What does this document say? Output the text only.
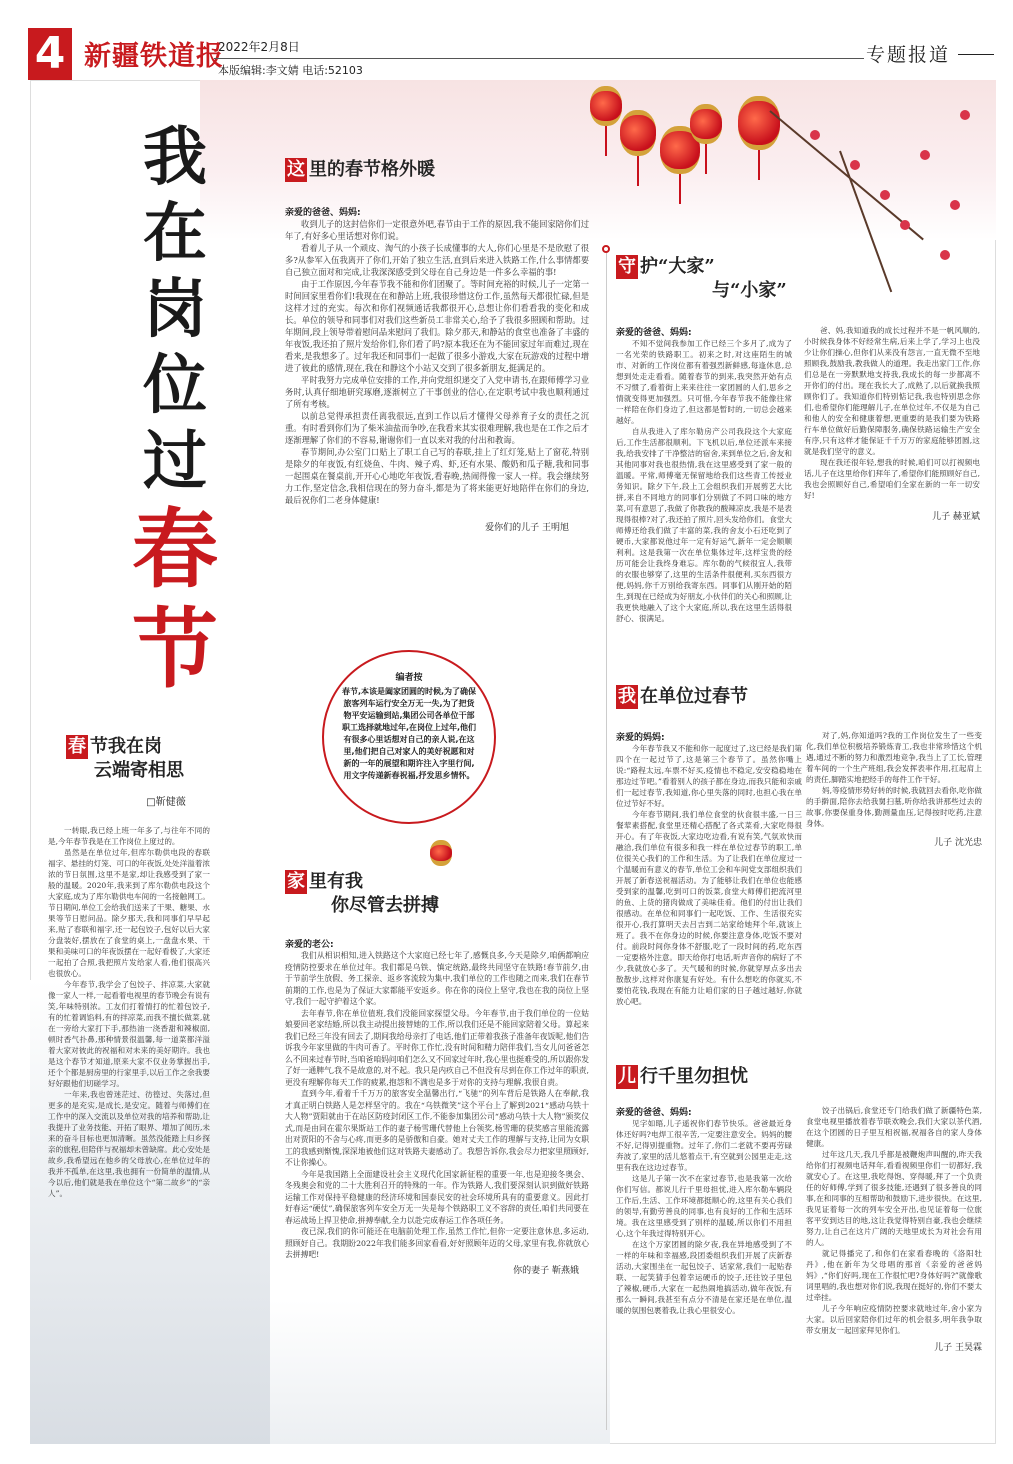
4 新疆铁道报
2022年2月8日
本版编辑:李文婧 电话:52103
专题报道
我
在
岗
位
过
春
节
这 里的春节格外暖
亲爱的爸爸、妈妈:

收到儿子的这封信你们一定很意外吧,春节由于工作的原因,我不能回家陪你们过年了,有好多心里话想对你们说。

看着儿子从一个顽皮、淘气的小孩子长成懂事的大人,你们心里是不是欣慰了很多?从参军入伍我离开了你们,开始了独立生活,直到后来进入铁路工作,什么事情都要自己独立面对和完成,让我深深感受到父母在自己身边是一件多么幸福的事!

由于工作原因,今年春节我不能和你们团聚了。等时间充裕的时候,儿子一定第一时间回家里看你们!我现在在和静站上班,我很珍惜这份工作,虽然每天都很忙碌,但是这样才过的充实。每次和你们视频通话我都很开心,总想让你们看看我的变化和成长。单位的领导和同事们对我们这些新员工非常关心,给予了我很多照顾和帮助。过年期间,段上领导带着慰问品来慰问了我们。除夕那天,和静站的食堂也准备了丰盛的年夜饭,我还拍了照片发给你们,你们看了吗?原本我还在为不能回家过年而难过,现在看来,是我想多了。过年我还和同事们一起做了很多小游戏,大家在玩游戏的过程中增进了彼此的感情,现在,我在和静这个小站又交到了很多新朋友,挺满足的。

平时我努力完成单位安排的工作,并向党组织递交了入党申请书,在跟师傅学习业务时,认真仔细地研究琢磨,逐渐树立了干事创业的信心,在定职考试中我也顺利通过了所有考核。

以前总觉得承担责任离我很远,直到工作以后才懂得父母养育子女的责任之沉重。有时看到你们为了柴米油盐而争吵,在我看来其实很难理解,我也是在工作之后才逐渐理解了你们的不容易,谢谢你们一直以来对我的付出和教诲。

春节期间,办公室门口贴上了职工自己写的春联,挂上了红灯笼,贴上了窗花,特别是除夕的年夜饭,有红烧鱼、牛肉、辣子鸡、虾,还有水果、酸奶和瓜子糖,我和同事一起围桌在餐桌前,开开心心地吃年夜饭,看春晚,热闹得像一家人一样。我会继续努力工作,坚定信念,我相信现在的努力奋斗,都是为了将来能更好地陪伴在你们的身边,最后祝你们二老身体健康!

爱你们的儿子 王明旭
编者按
春节,本该是阖家团圆的时候,为了确保旅客列车运行安全万无一失,为了把货物平安运输到站,集团公司各单位干部职工选择就地过年,在岗位上过年,他们有很多心里话想对自己的亲人说,在这里,他们把自己对家人的美好祝愿和对新的一年的展望和期许注入字里行间,用文字传递新春祝福,抒发思乡情怀。
守 护“大家”
与“小家”
亲爱的爸爸、妈妈:

不知不觉间我参加工作已经三个多月了,成为了一名光荣的铁路职工。初来之时,对这座陌生的城市、对新的工作岗位都有着强烈新鲜感,每逢休息,总想到处走走看看。随着春节的到来,我突然开始有点不习惯了,看着街上来来往往一家团圆的人们,思乡之情就变得更加强烈。只可惜,今年春节我不能像往常一样陪在你们身边了,但这都是暂时的,一切总会越来越好。

自从我进入了库尔勒房产公司我段这个大家庭后,工作生活都很顺利。下飞机以后,单位还派车来接我,给我安排了干净整洁的宿舍,来到单位之后,舍友和其他同事对我也很热情,我在这里感受到了家一般的温暖。平常,师傅毫无保留地给我们这些青工传授业务知识。除夕下午,段上工会组织我们开展剪艺大比拼,来自不同地方的同事们分别做了不同口味的地方菜,可有意思了,我做了你教我的酸辣凉皮,我是不是表现得很棒?对了,我还拍了照片,回头发给你们。食堂大师傅还给我们做了丰富的菜,我的舍友小石还吃到了硬币,大家都说他过年一定有好运气,新年一定会顺顺利利。这是我第一次在单位集体过年,这样宝贵的经历可能会让我终身难忘。库尔勒的气候很宜人,我带的衣服也够穿了,这里的生活条件很便利,买东西很方便,妈妈,你千万别给我寄东西。同事们从刚开始的陌生,到现在已经成为好朋友,小伙伴们的关心和照顾,让我更快地融入了这个大家庭,所以,我在这里生活得很舒心、很满足。

爸、妈,我知道我的成长过程并不是一帆风顺的,小时候我身体不好经常生病,后来上学了,学习上也没少让你们操心,但你们从来没有怨言,一直无微不至地照顾我,鼓励我,教我做人的道理。我走出家门工作,你们总是在一旁默默地支持我,我成长的每一步都离不开你们的付出。现在我长大了,成熟了,以后就换我照顾你们了。我知道你们特别惦记我,我也特别思念你们,也希望你们能理解儿子,在单位过年,不仅是为自己和他人的安全和健康着想,更重要的是我们要为铁路行车单位做好后勤保障服务,确保铁路运输生产安全有序,只有这样才能保证千千万万的家庭能够团圆,这就是我们坚守的意义。

现在我还很年轻,想我的时候,咱们可以打视频电话,儿子在这里给你们拜年了,希望你们能照顾好自己,我也会照顾好自己,希望咱们全家在新的一年一切安好!

儿子 赫亚斌
春 节我在岗
云端寄相思
□靳健薇

一转眼,我已经上班一年多了,与往年不同的是,今年春节我是在工作岗位上度过的。

虽然是在单位过年,但库尔勒供电段的春联福字、悬挂的灯笼、可口的年夜饭,处处洋溢着浓浓的节日氛围,这里不是家,却让我感受到了家一般的温暖。2020年,我来到了库尔勒供电段这个大家庭,成为了库尔勒供电车间的一名接触网工。节日期间,单位工会给我们送来了干果、糖果、水果等节日慰问品。除夕那天,我和同事们早早起来,贴了春联和福字,还一起包饺子,包好以后大家分盘装好,摆放在了食堂的桌上,一盘盘水果、干果和美味可口的年夜饭摆在一起好看极了,大家还一起拍了合照,我把照片发给家人看,他们很高兴也很放心。

今年春节,我学会了包饺子、拌凉菜,大家就像一家人一样,一起看着电视里的春节晚会有说有笑,年味特别浓。工友们打着情打的忙着包饺子,有的忙着调馅料,有的拌凉菜,而我不擅长做菜,就在一旁给大家打下手,那热油一浇香甜和辣椒面,顿时香气扑鼻,那种情景很温馨,每一道菜都洋溢着大家对彼此的祝福和对未来的美好期许。我也是这个春节才知道,原来大家不仅业务掌握出手,还个个都是厨房里的行家里手,以后工作之余我要好好跟他们切磋学习。

一年来,我也曾迷茫过、彷徨过、失落过,但更多的是充实,是成长,是安定。随着与师傅们在工作中的深入交流以及单位对我的培养和帮助,让我提升了业务技能、开拓了眼界、增加了阅历,未来的奋斗目标也更加清晰。虽然没能踏上归乡探亲的旅程,但陪伴与祝福却未曾缺席。此心安处是故乡,我希望远在他乡的父母放心,在单位过年的我并不孤单,在这里,我也拥有一份简单的温情,从今以后,他们就是我在单位这个“第二故乡”的“亲人”。

我 在单位过春节
亲爱的妈妈:

今年春节我又不能和你一起度过了,这已经是我们第四个在一起过节了,这是第三个春节了。虽然你嘴上说:“路程太远,车票不好买,疫情也不稳定,安安稳稳地在那边过节吧。”看着别人的孩子都在身边,而我只能和亲戚们一起过春节,我知道,你心里失落的同时,也担心我在单位过节好不好。

今年春节期间,我们单位食堂的伙食很丰盛,一日三餐荤素搭配,食堂里还精心搭配了各式菜肴,大家吃得很开心。有了年夜饭,大家边吃边看,有说有笑,气氛欢快而融洽,我们单位有很多和我一样在单位过春节的职工,单位很关心我们的工作和生活。为了让我们在单位度过一个温暖而有意义的春节,单位工会和车间党支部组织我们开展了新春送祝福活动。为了能够让我们在单位也能感受到家的温馨,吃到可口的饭菜,食堂大师傅们把流河里的鱼、上货的猪肉做成了美味佳肴。他们的付出让我们很感动。在单位和同事们一起吃饭、工作、生活很充实很开心,我打算明天去吕吉到二站家给她拜个年,就该上班了。我不在你身边的时候,你要注意身体,吃饭不要对付。前段时间你身体不舒服,吃了一段时间的药,吃东西一定要格外注意。即天给你打电话,听声音你的病好了不少,我就放心多了。天气暖和的时候,你就穿厚点多出去散散步,这样对你康复有好处。有什么想吃的你就买,不要怕花钱,我现在有能力让咱们家的日子越过越好,你就放心吧。

对了,妈,你知道吗?我的工作岗位发生了一些变化,我们单位积极培养锻炼青工,我也非常珍惜这个机遇,通过不断的努力和激烈地竞争,我当上了工长,管理着车间的一个生产班组,我会发挥表率作用,扛起肩上的责任,脚踏实地把经手的每件工作干好。

妈,等疫情形势好转的时候,我就回去看你,吃你做的手擀面,陪你去给我舅扫墓,听你给我讲那些过去的故事,你要保重身体,勤测量血压,记得按时吃药,注意身体。

儿子 沈光忠
家 里有我
你尽管去拼搏
亲爱的老公:

我们从相识相知,进入铁路这个大家庭已经七年了,感慨良多,今天是除夕,咱俩都响应疫情防控要求在单位过年。我们都是乌铁、慎定统路,最终共同坚守在铁路!春节前夕,由于节前学生放假、务工探亲、返乡客流较为集中,我们单位的工作也随之而来,我们在春节前期的工作,也是为了保证大家都能平安返乡。你在你的岗位上坚守,我也在我的岗位上坚守,我们一起守护着这个家。

去年春节,你在单位值班,我们没能回家探望父母。今年春节,由于我们单位的一位姑娘要回老家结婚,所以我主动提出接替她的工作,所以我们还是不能回家陪着父母。算起来我们已经三年没有回去了,期间我给母亲打了电话,他们正带着我孩子准备年夜饭呢,他们告诉我今年家里做的牛肉可香了。平时你工作忙,没有时间和精力陪伴我们,当女儿问爸爸怎么不回来过春节时,当咱爸咱妈问咱们怎么又不回家过年时,我心里也挺难受的,所以跟你发了好一通脾气,我不是故意的,对不起。我只是内疚自己不但没有尽到在你工作过年的职责,更没有理解你每天工作的疲累,抱怨和不满也是多于对你的支持与理解,我很自责。

直到今年,看着千千万万的旅客安全温馨出行,“飞驰”的列车背后是铁路人在奉献,我才真正明白铁路人是怎样坚守的。我在“乌铁微笑”这个平台上了解到2021“感动乌铁十大人物”贾阳就由于在站区防疫封闭区工作,不能参加集团公司“感动乌铁十大人物”颁奖仪式,而是由同在霍尔果斯站工作的妻子杨雪珊代替他上台领奖,杨雪珊的获奖感言里能流露出对贾阳的不舍与心疼,而更多的是骄傲和自豪。她对丈夫工作的理解与支持,让同为女职工的我感到惭愧,深深地被他们这对铁路夫妻感动了。我想告诉你,我会尽力把家里照顾好,不让你操心。

今年是我国踏上全面建设社会主义现代化国家新征程的重要一年,也是迎接冬奥会、冬残奥会和党的二十大胜利召开的特殊的一年。作为铁路人,我们要深刻认识到做好铁路运输工作对保持平稳健康的经济环境和国泰民安的社会环境所具有的重要意义。因此打好春运“硬仗”,确保旅客列车安全万无一失是每个铁路职工义不容辞的责任,咱们共同要在春运战场上捍卫使命,拼搏奉献,全力以赴完成春运工作各项任务。

夜已深,我们的你可能还在电脑前处理工作,虽然工作忙,但你一定要注意休息,多运动,照顾好自己。我期盼2022年我们能多回家看看,好好照顾年迈的父母,家里有我,你就放心去拼搏吧!

你的妻子 靳燕娥
儿 行千里勿担忧
亲爱的爸爸、妈妈:

见字如晤,儿子遥祝你们春节快乐。爸爸最近身体还好吗?电焊工很辛苦,一定要注意安全。妈妈的腰不好,记得别提重物。过年了,你们二老就不要再劳碌奔波了,家里的活儿悠着点干,有空就到公园里走走,这里有我在这边过春节。

这是儿子第一次不在家过春节,也是我第一次给你们写信。都说儿行千里母担忧,进入库尔勒车辆段工作后,生活、工作环境都挺顺心的,这里有关心我们的领导,有勤劳善良的同事,也有良好的工作和生活环境。我在这里感受到了别样的温暖,所以你们不用担心,这个年我过得特别开心。

在这个万家团圆的除夕夜,我在异地感受到了不一样的年味和幸福感,段团委组织我们开展了庆新春活动,大家围坐在一起包饺子、话家常,我们一起贴春联、一起笑猜手包着幸运硬币的饺子,还往饺子里包了辣椒,硬币,大家在一起热闹地搞活动,做年夜饭,有那么一瞬间,我甚至有点分不清是在家还是在单位,温暖的氛围包裹着我,让我心里很安心。

饺子出锅后,食堂还专门给我们做了新疆特色菜,食堂电视里播放着春节联欢晚会,我们大家以茶代酒,在这个团圆的日子里互相祝福,祝福各自的家人身体健康。

过年这几天,我几乎都是被鞭炮声叫醒的,昨天我给你们打视频电话拜年,看看视频里你们一切都好,我就安心了。在这里,我吃得饱、穿得暖,拜了一个负责任的好师傅,学到了很多技能,还遇到了很多善良的同事,在和同事的互相帮助和鼓励下,进步很快。在这里,我见证着每一次的列车安全开出,也见证着每一位旅客平安到达目的地,这让我觉得特别自豪,我也会继续努力,让自己在这片广阔的天地里成长为对社会有用的人。

就记得播完了,和你们在家看春晚的《洛阳牡丹》,他在新年为父母唱的那首《亲爱的爸爸妈妈》,“你们好吗,现在工作很忙吧?身体好吗?”就像歌词里唱的,我也想对你们说,我现在挺好的,你们不要太过牵挂。

儿子今年响应疫情防控要求就地过年,舍小家为大家。以后回家陪你们过年的机会很多,明年我争取带女朋友一起回家拜见你们。

儿子 王昊霖
